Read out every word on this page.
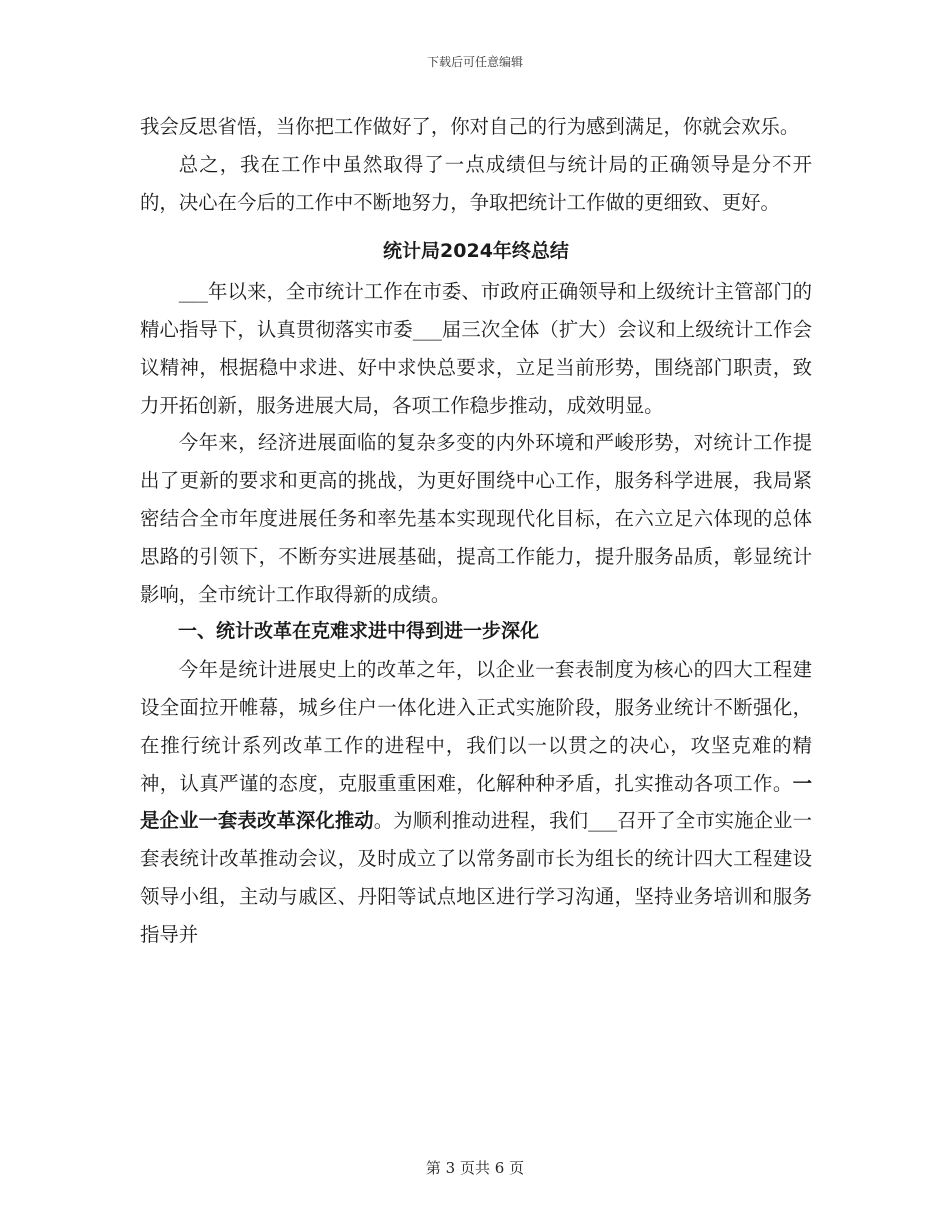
下载后可任意编辑

我会反思省悟，当你把工作做好了，你对自己的行为感到满足，你就会欢乐。

总之，我在工作中虽然取得了一点成绩但与统计局的正确领导是分不开的，决心在今后的工作中不断地努力，争取把统计工作做的更细致、更好。

统计局2024年终总结

___年以来，全市统计工作在市委、市政府正确领导和上级统计主管部门的精心指导下，认真贯彻落实市委___届三次全体（扩大）会议和上级统计工作会议精神，根据稳中求进、好中求快总要求，立足当前形势，围绕部门职责，致力开拓创新，服务进展大局，各项工作稳步推动，成效明显。

今年来，经济进展面临的复杂多变的内外环境和严峻形势，对统计工作提出了更新的要求和更高的挑战，为更好围绕中心工作，服务科学进展，我局紧密结合全市年度进展任务和率先基本实现现代化目标，在六立足六体现的总体思路的引领下，不断夯实进展基础，提高工作能力，提升服务品质，彰显统计影响，全市统计工作取得新的成绩。

一、统计改革在克难求进中得到进一步深化

今年是统计进展史上的改革之年，以企业一套表制度为核心的四大工程建设全面拉开帷幕，城乡住户一体化进入正式实施阶段，服务业统计不断强化，在推行统计系列改革工作的进程中，我们以一以贯之的决心，攻坚克难的精神，认真严谨的态度，克服重重困难，化解种种矛盾，扎实推动各项工作。一是企业一套表改革深化推动。为顺利推动进程，我们___召开了全市实施企业一套表统计改革推动会议，及时成立了以常务副市长为组长的统计四大工程建设领导小组，主动与戚区、丹阳等试点地区进行学习沟通，坚持业务培训和服务指导并

第 3 页共 6 页
